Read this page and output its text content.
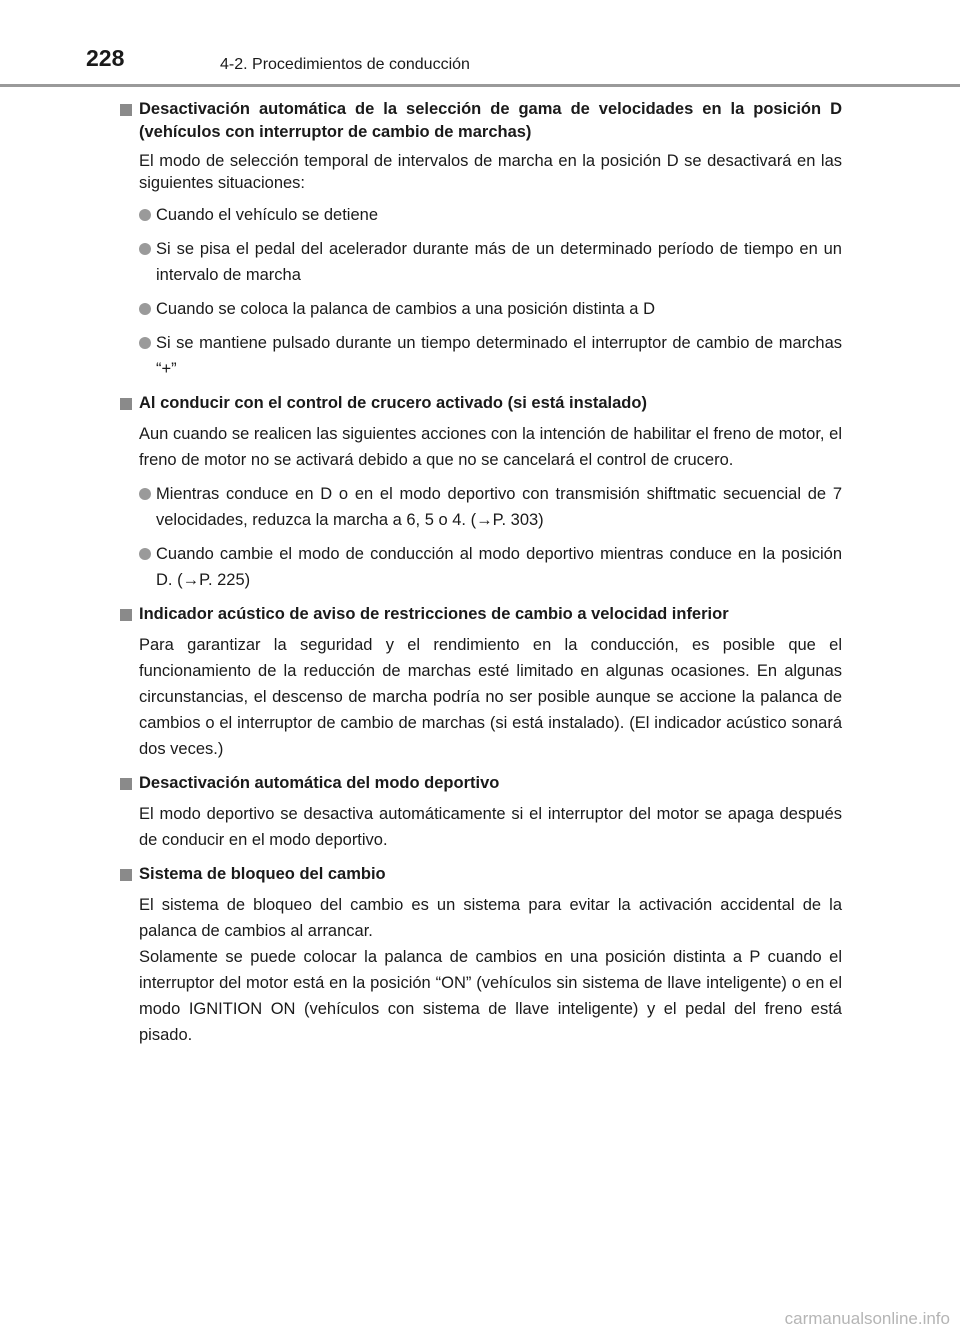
228	4-2. Procedimientos de conducción
Desactivación automática de la selección de gama de velocidades en la posición D (vehículos con interruptor de cambio de marchas)

El modo de selección temporal de intervalos de marcha en la posición D se desactivará en las siguientes situaciones:

Cuando el vehículo se detiene
Si se pisa el pedal del acelerador durante más de un determinado período de tiempo en un intervalo de marcha
Cuando se coloca la palanca de cambios a una posición distinta a D
Si se mantiene pulsado durante un tiempo determinado el interruptor de cambio de marchas “+”
Al conducir con el control de crucero activado (si está instalado)

Aun cuando se realicen las siguientes acciones con la intención de habilitar el freno de motor, el freno de motor no se activará debido a que no se cancelará el control de crucero.

Mientras conduce en D o en el modo deportivo con transmisión shiftmatic secuencial de 7 velocidades, reduzca la marcha a 6, 5 o 4. (→P. 303)
Cuando cambie el modo de conducción al modo deportivo mientras conduce en la posición D. (→P. 225)
Indicador acústico de aviso de restricciones de cambio a velocidad inferior

Para garantizar la seguridad y el rendimiento en la conducción, es posible que el funcionamiento de la reducción de marchas esté limitado en algunas ocasiones. En algunas circunstancias, el descenso de marcha podría no ser posible aunque se accione la palanca de cambios o el interruptor de cambio de marchas (si está instalado). (El indicador acústico sonará dos veces.)

Desactivación automática del modo deportivo

El modo deportivo se desactiva automáticamente si el interruptor del motor se apaga después de conducir en el modo deportivo.

Sistema de bloqueo del cambio

El sistema de bloqueo del cambio es un sistema para evitar la activación accidental de la palanca de cambios al arrancar.

Solamente se puede colocar la palanca de cambios en una posición distinta a P cuando el interruptor del motor está en la posición “ON” (vehículos sin sistema de llave inteligente) o en el modo IGNITION ON (vehículos con sistema de llave inteligente) y el pedal del freno está pisado.

carmanualsonline.info
